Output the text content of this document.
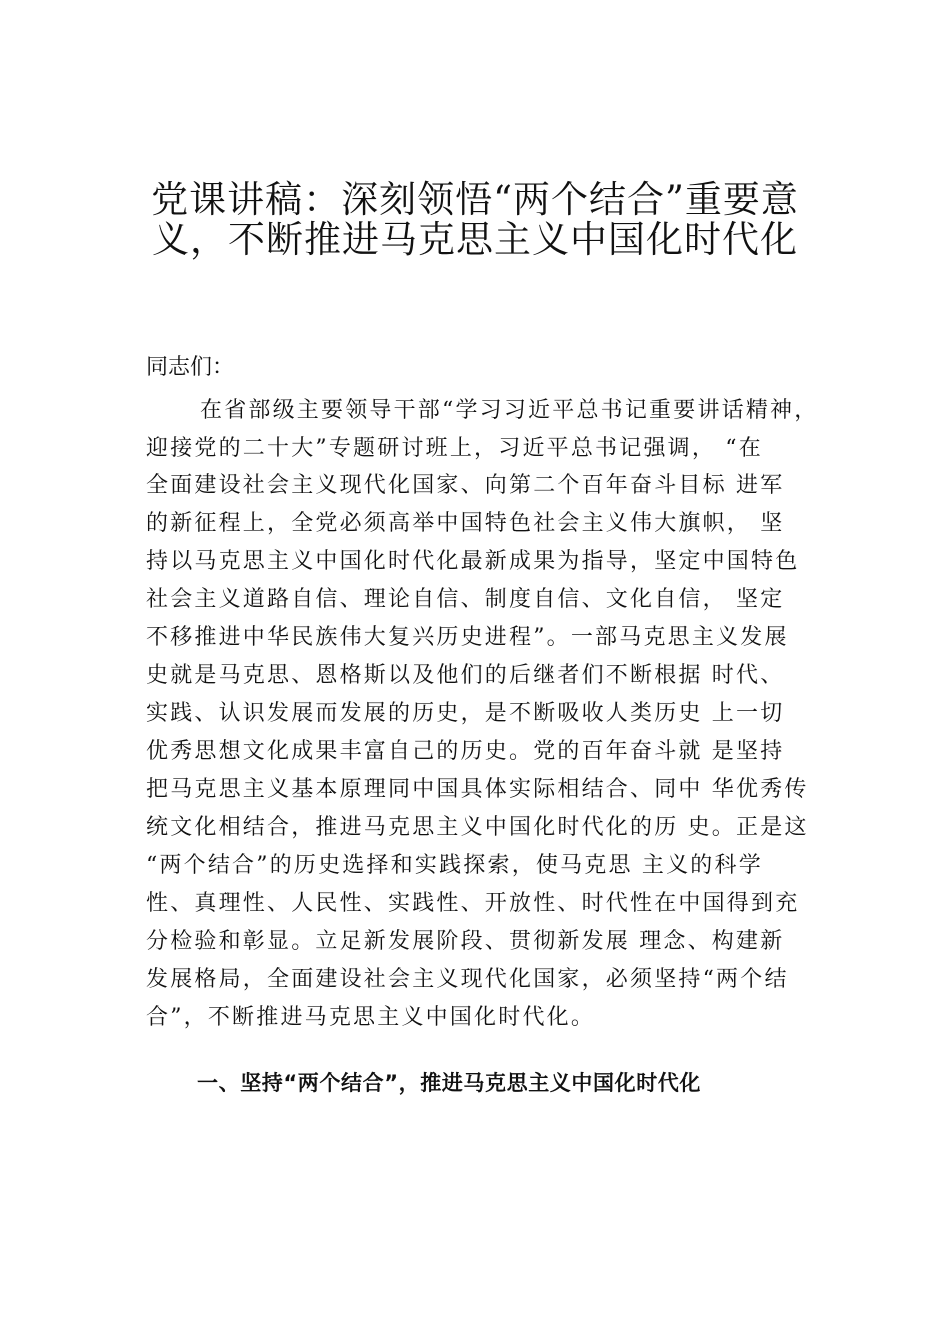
党课讲稿：深刻领悟“两个结合”重要意
义，不断推进马克思主义中国化时代化
同志们：
在省部级主要领导干部“学习习近平总书记重要讲话精神，
迎接党的二十大”专题研讨班上，习近平总书记强调， “在
全面建设社会主义现代化国家、向第二个百年奋斗目标 进军
的新征程上，全党必须高举中国特色社会主义伟大旗帜， 坚
持以马克思主义中国化时代化最新成果为指导，坚定中国特色
社会主义道路自信、理论自信、制度自信、文化自信， 坚定
不移推进中华民族伟大复兴历史进程”。一部马克思主义发展
史就是马克思、恩格斯以及他们的后继者们不断根据 时代、
实践、认识发展而发展的历史，是不断吸收人类历史 上一切
优秀思想文化成果丰富自己的历史。党的百年奋斗就 是坚持
把马克思主义基本原理同中国具体实际相结合、同中 华优秀传
统文化相结合，推进马克思主义中国化时代化的历 史。正是这
“两个结合”的历史选择和实践探索，使马克思 主义的科学
性、真理性、人民性、实践性、开放性、时代性在中国得到充
分检验和彰显。立足新发展阶段、贯彻新发展 理念、构建新
发展格局，全面建设社会主义现代化国家，必须坚持“两个结
合”，不断推进马克思主义中国化时代化。
一、坚持“两个结合”，推进马克思主义中国化时代化
